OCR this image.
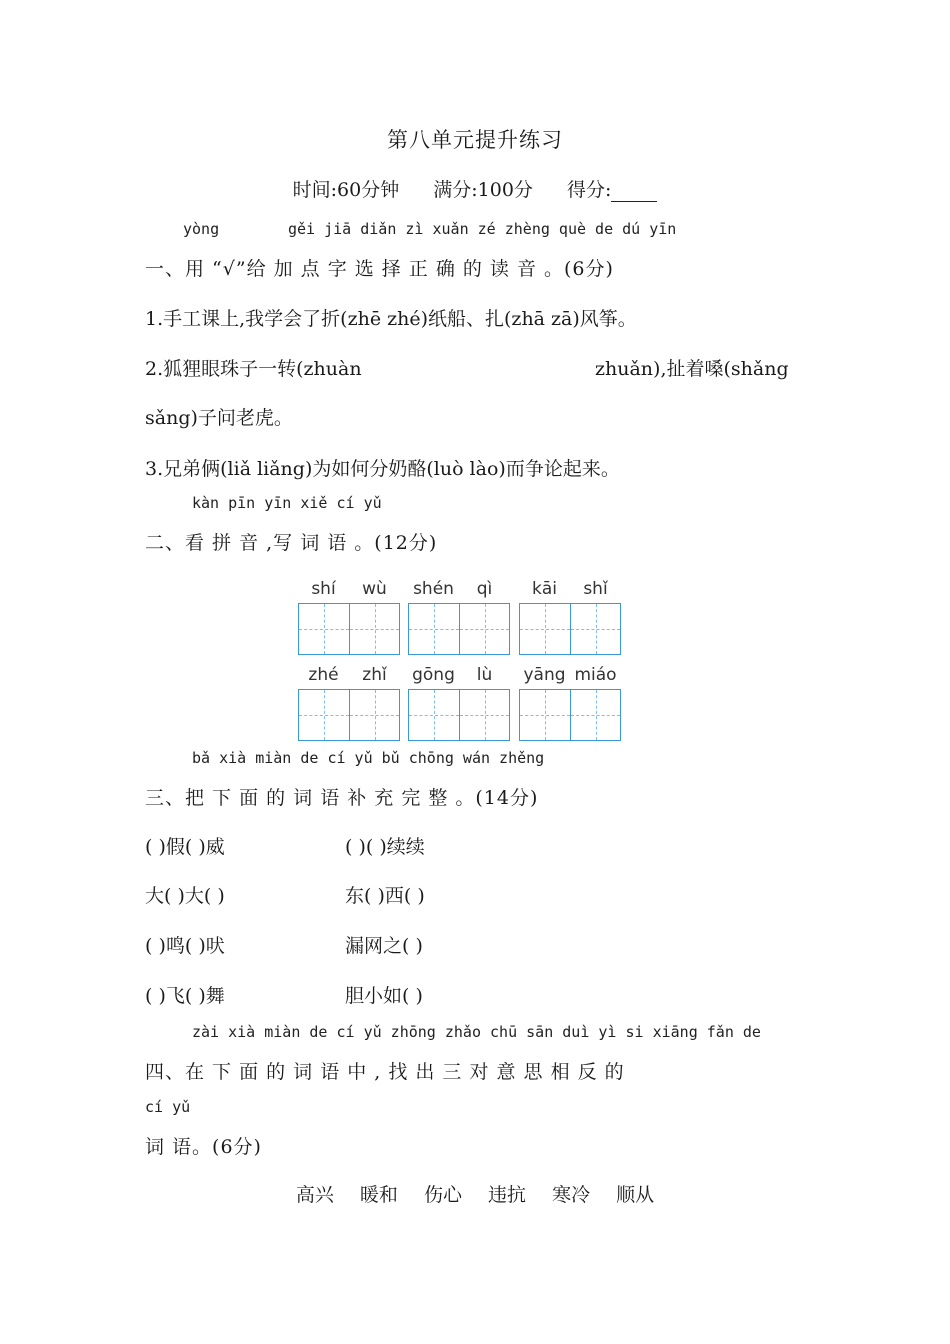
第八单元提升练习
时间:60分钟 满分:100分 得分:
yòng	gěi jiā diǎn zì xuǎn zé zhèng què de dú yīn
一、用 “√”给 加 点 字 选 择 正 确 的 读 音 。(6分)
1.手工课上,我学会了折(zhē zhé)纸船、扎(zhā zā)风筝。
2.狐狸眼珠子一转(zhuàn	zhuǎn),扯着嗓(shǎng
sǎng)子问老虎。
3.兄弟俩(liǎ liǎng)为如何分奶酪(luò lào)而争论起来。
kàn pīn yīn xiě cí yǔ
二、看 拼 音 ,写 词 语 。(12分)
shí	wù	shén	qì	kāi	shǐ
zhé	zhǐ	gōng	lù	yāng miáo
bǎ xià miàn de cí yǔ bǔ chōng wán zhěng
三、把 下 面 的 词 语 补 充 完 整 。(14分)
( )假( )威	( )( )续续
大( )大( )	东( )西( )
( )鸣( )吠	漏网之( )
( )飞( )舞	胆小如( )
zài xià miàn de cí yǔ zhōng zhǎo chū sān duì yì si xiāng fǎn de
四、在 下 面 的 词 语 中 , 找 出 三 对 意 思 相 反 的
cí yǔ
词 语。(6分)
高兴 暖和 伤心 违抗 寒冷 顺从
